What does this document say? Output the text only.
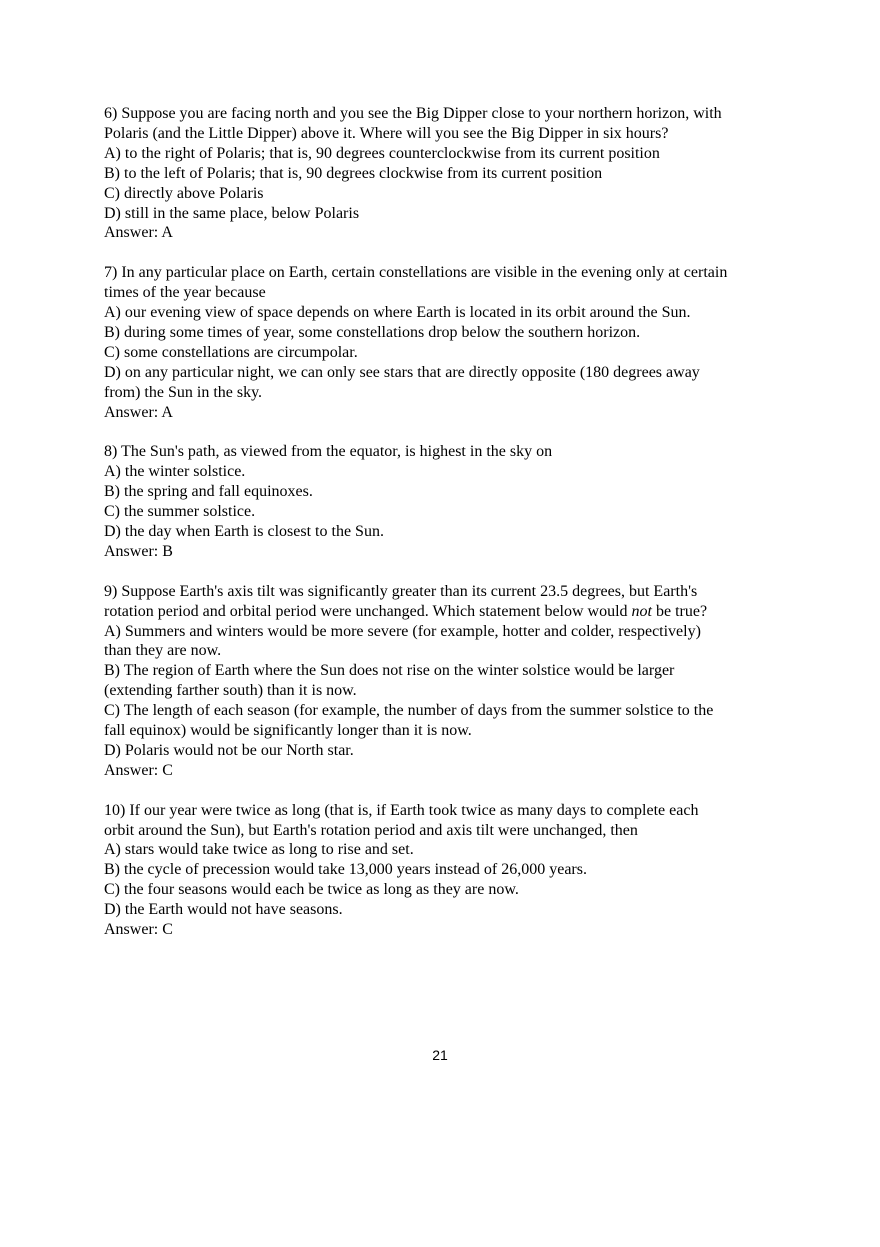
6) Suppose you are facing north and you see the Big Dipper close to your northern horizon, with
Polaris (and the Little Dipper) above it. Where will you see the Big Dipper in six hours?
A) to the right of Polaris; that is, 90 degrees counterclockwise from its current position
B) to the left of Polaris; that is, 90 degrees clockwise from its current position
C) directly above Polaris
D) still in the same place, below Polaris
Answer: A
7) In any particular place on Earth, certain constellations are visible in the evening only at certain
times of the year because
A) our evening view of space depends on where Earth is located in its orbit around the Sun.
B) during some times of year, some constellations drop below the southern horizon.
C) some constellations are circumpolar.
D) on any particular night, we can only see stars that are directly opposite (180 degrees away
from) the Sun in the sky.
Answer: A
8) The Sun's path, as viewed from the equator, is highest in the sky on
A) the winter solstice.
B) the spring and fall equinoxes.
C) the summer solstice.
D) the day when Earth is closest to the Sun.
Answer: B
9) Suppose Earth's axis tilt was significantly greater than its current 23.5 degrees, but Earth's
rotation period and orbital period were unchanged. Which statement below would not be true?
A) Summers and winters would be more severe (for example, hotter and colder, respectively)
than they are now.
B) The region of Earth where the Sun does not rise on the winter solstice would be larger
(extending farther south) than it is now.
C) The length of each season (for example, the number of days from the summer solstice to the
fall equinox) would be significantly longer than it is now.
D) Polaris would not be our North star.
Answer: C
10) If our year were twice as long (that is, if Earth took twice as many days to complete each
orbit around the Sun), but Earth's rotation period and axis tilt were unchanged, then
A) stars would take twice as long to rise and set.
B) the cycle of precession would take 13,000 years instead of 26,000 years.
C) the four seasons would each be twice as long as they are now.
D) the Earth would not have seasons.
Answer: C
21
